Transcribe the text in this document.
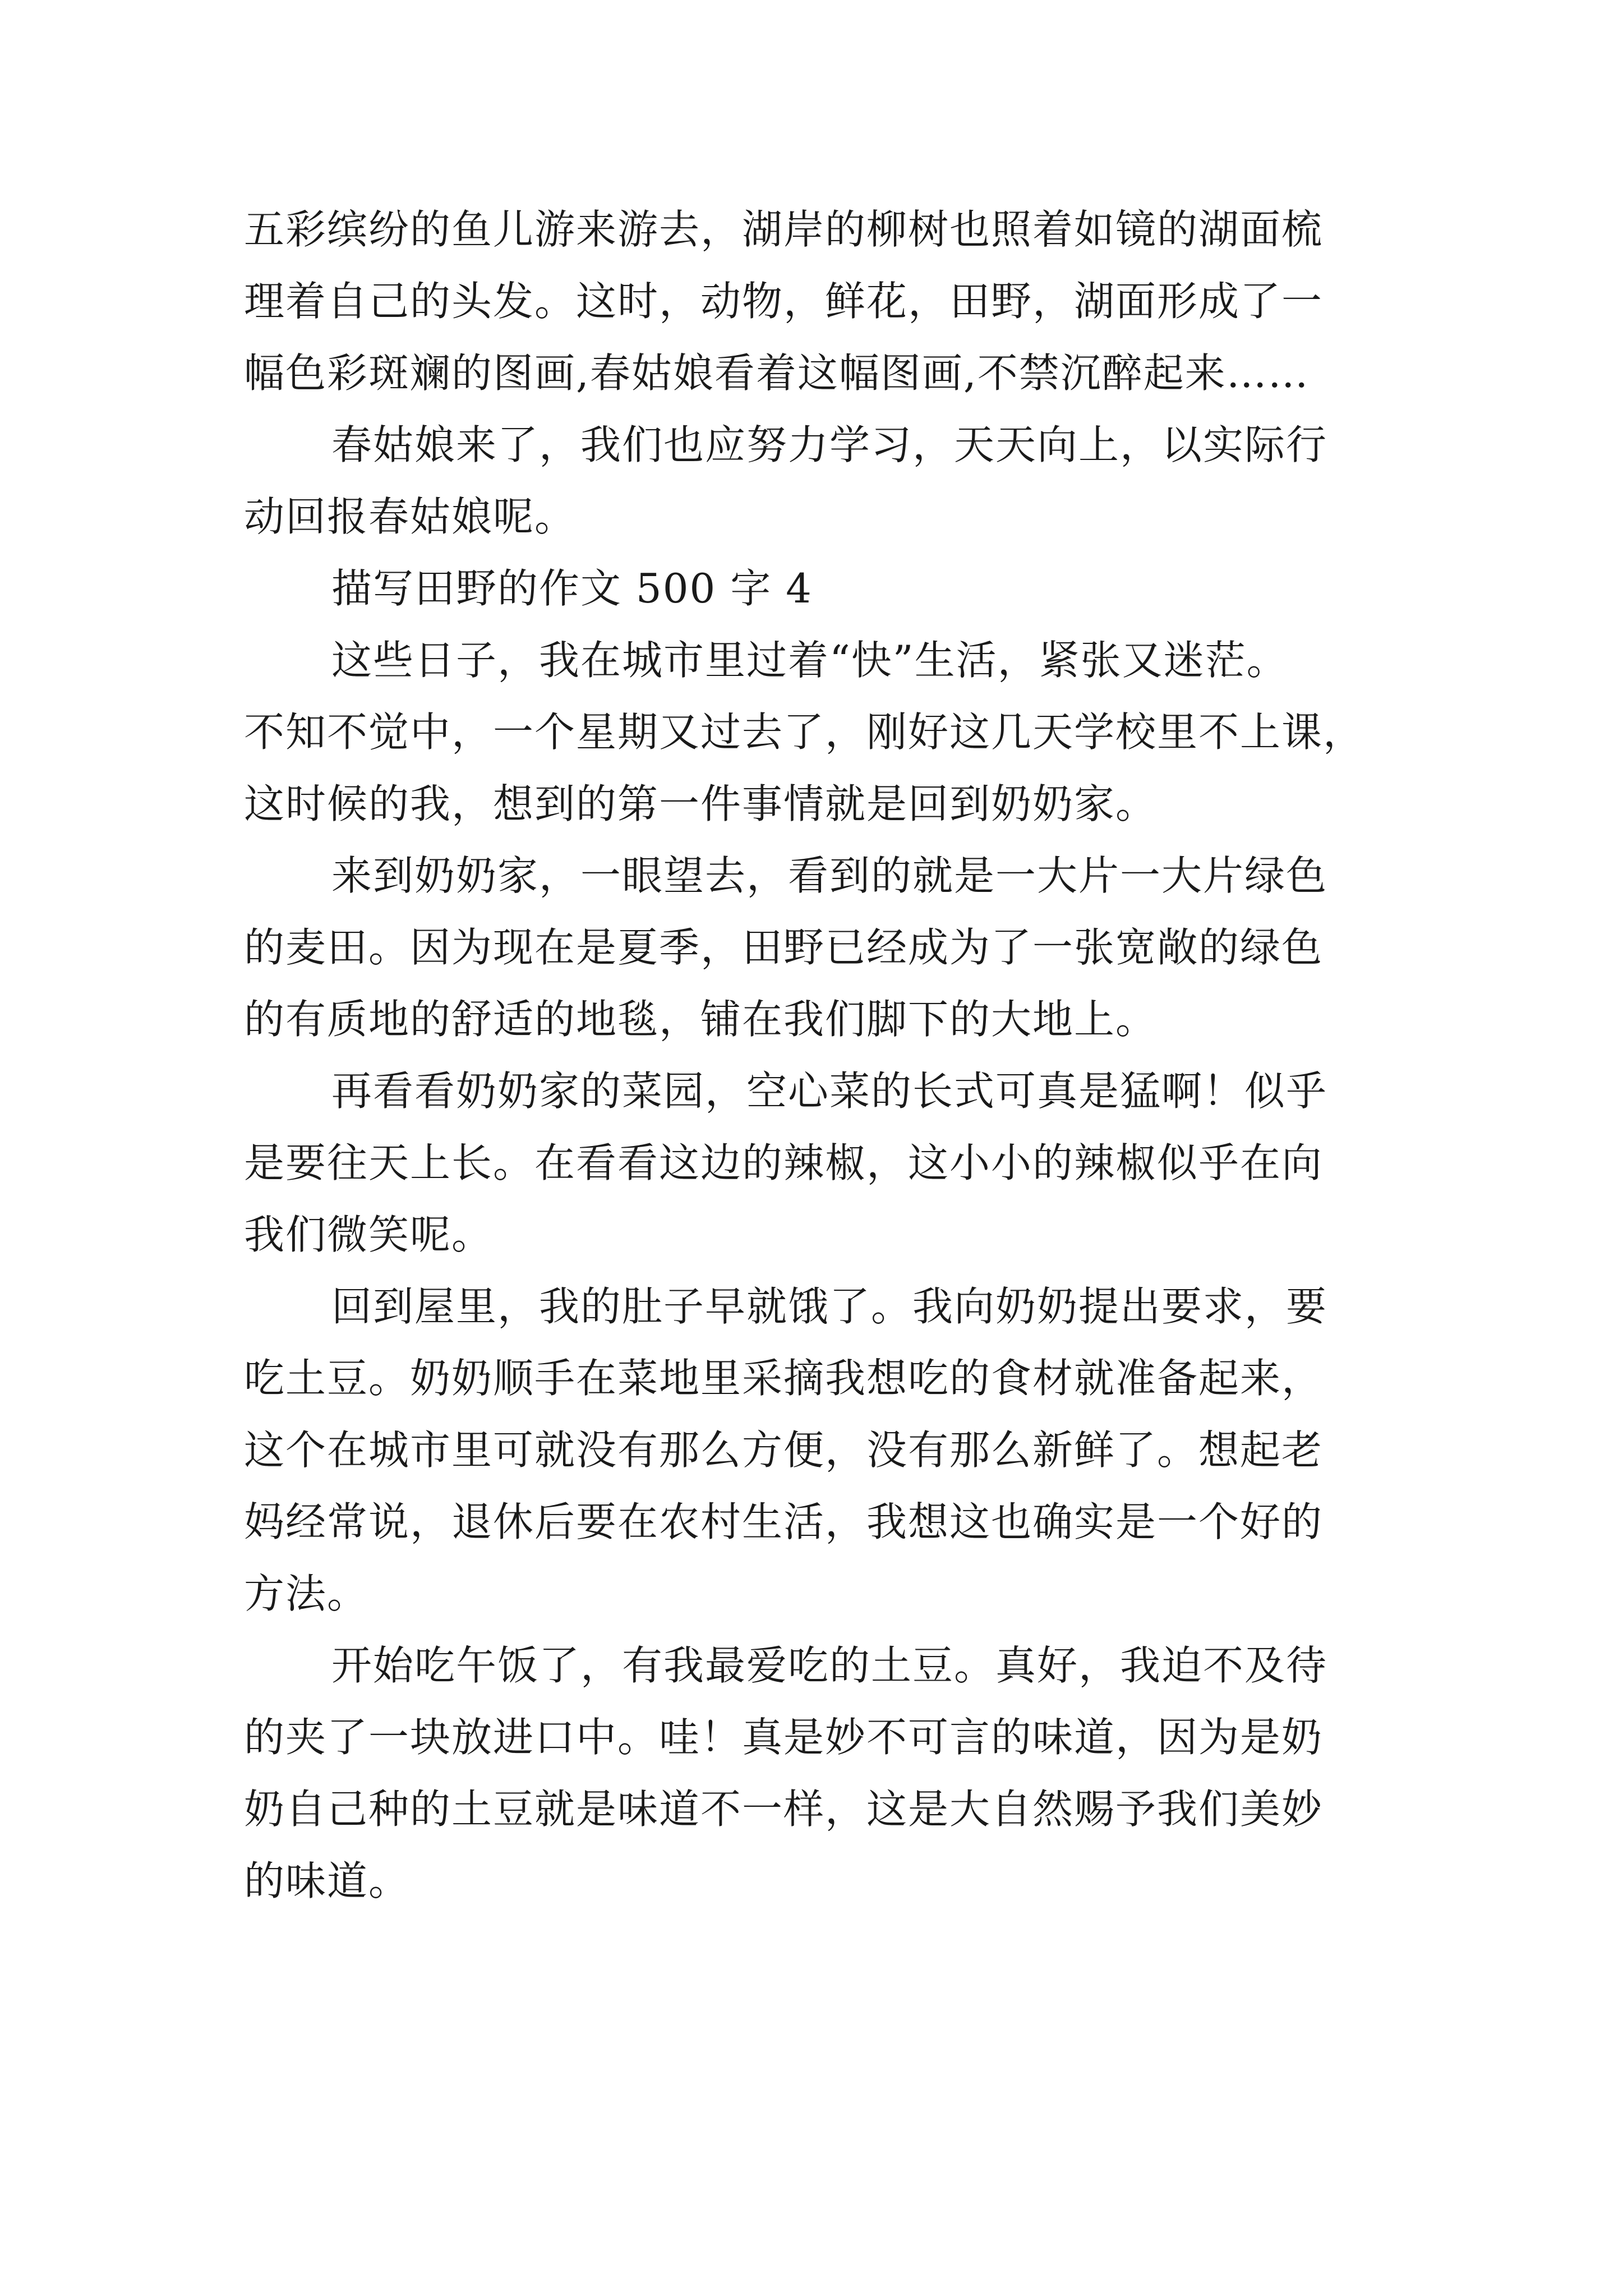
五彩缤纷的鱼儿游来游去，湖岸的柳树也照着如镜的湖面梳
理着自己的头发。这时，动物，鲜花，田野，湖面形成了一
幅色彩斑斓的图画,春姑娘看着这幅图画,不禁沉醉起来……
春姑娘来了，我们也应努力学习，天天向上，以实际行
动回报春姑娘呢。
描写田野的作文 500 字 4
这些日子，我在城市里过着“快”生活，紧张又迷茫。
不知不觉中，一个星期又过去了，刚好这几天学校里不上课，
这时候的我，想到的第一件事情就是回到奶奶家。
来到奶奶家，一眼望去，看到的就是一大片一大片绿色
的麦田。因为现在是夏季，田野已经成为了一张宽敞的绿色
的有质地的舒适的地毯，铺在我们脚下的大地上。
再看看奶奶家的菜园，空心菜的长式可真是猛啊！似乎
是要往天上长。在看看这边的辣椒，这小小的辣椒似乎在向
我们微笑呢。
回到屋里，我的肚子早就饿了。我向奶奶提出要求，要
吃土豆。奶奶顺手在菜地里采摘我想吃的食材就准备起来，
这个在城市里可就没有那么方便，没有那么新鲜了。想起老
妈经常说，退休后要在农村生活，我想这也确实是一个好的
方法。
开始吃午饭了，有我最爱吃的土豆。真好，我迫不及待
的夹了一块放进口中。哇！真是妙不可言的味道，因为是奶
奶自己种的土豆就是味道不一样，这是大自然赐予我们美妙
的味道。
